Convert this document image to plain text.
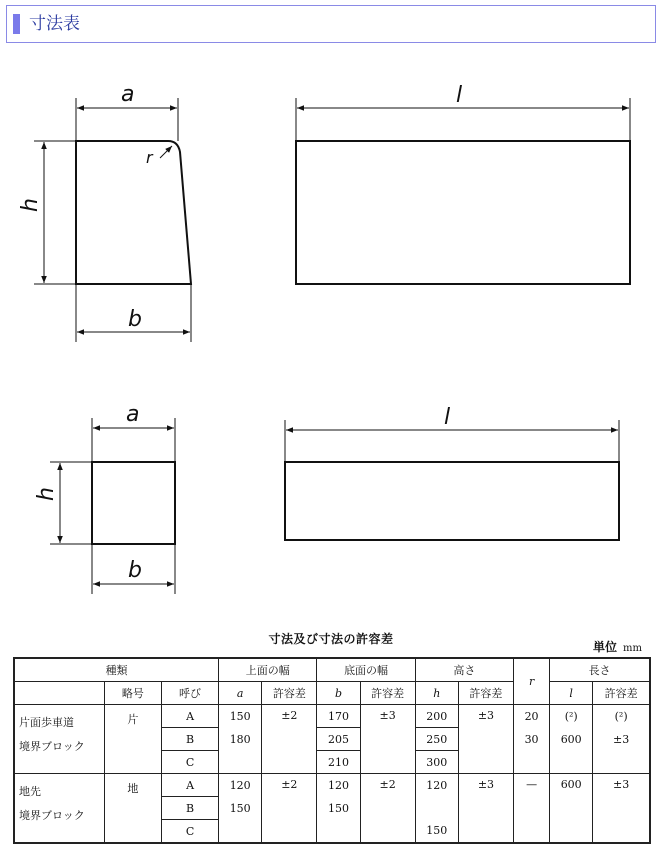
寸法表
a
h
b
r
l
a
h
b
l
寸法及び寸法の許容差
単位 mm
種類			上面の幅		底面の幅		高さ		r	長さ	
	略号	呼び	a	許容差	b	許容差	h	許容差		l	許容差

片面歩車道
境界ブロック	片	A	150	±2	170	±3	200	±3	20	(²)	(²)
		B	180		205		250		30	600	±3
		C			210		300				

地先
境界ブロック	地	A	120	±2	120	±2	120	±3	—	600	±3
		B	150		150						
		C					150				
